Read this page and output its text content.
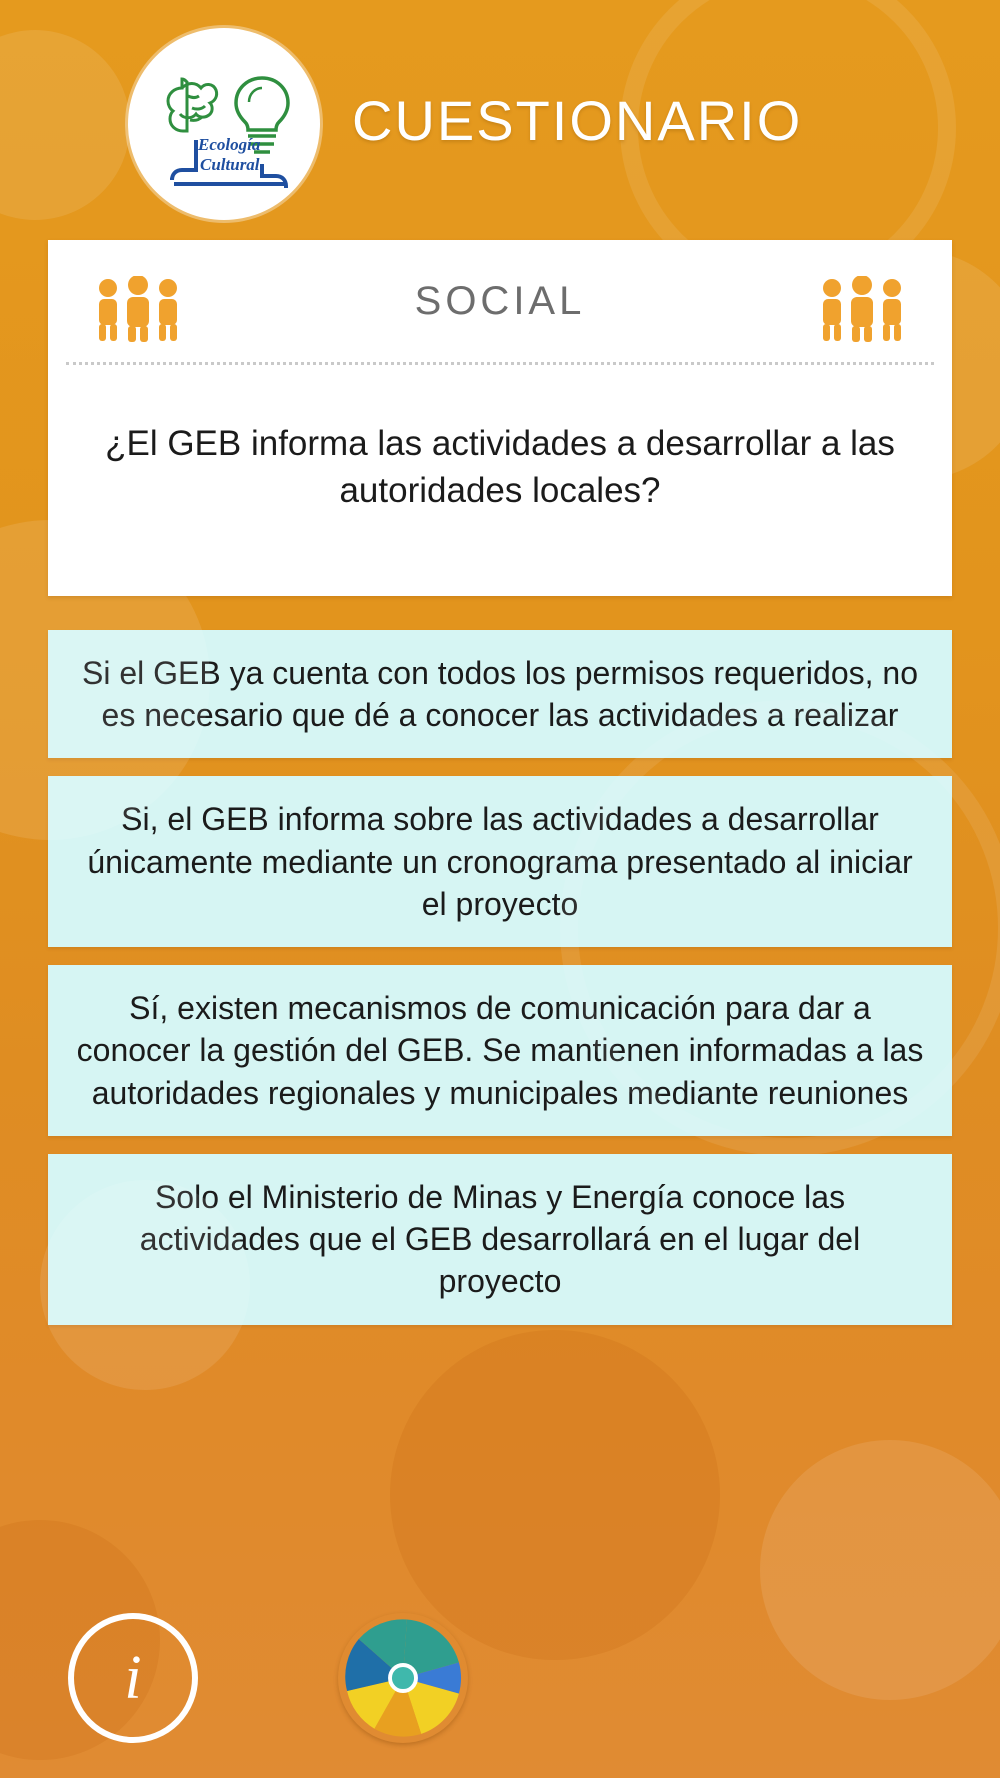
Ecología
Cultural
CUESTIONARIO
SOCIAL
¿El GEB informa las actividades a desarrollar a las autoridades locales?
Si el GEB ya cuenta con todos los permisos requeridos, no es necesario que dé a conocer las actividades a realizar
Si, el GEB informa sobre las actividades a desarrollar únicamente mediante un cronograma presentado al iniciar el proyecto
Sí, existen mecanismos de comunicación para dar a conocer la gestión del GEB. Se mantienen informadas a las autoridades regionales y municipales mediante reuniones
Solo el Ministerio de Minas y Energía conoce las actividades que el GEB desarrollará en el lugar del proyecto
i
